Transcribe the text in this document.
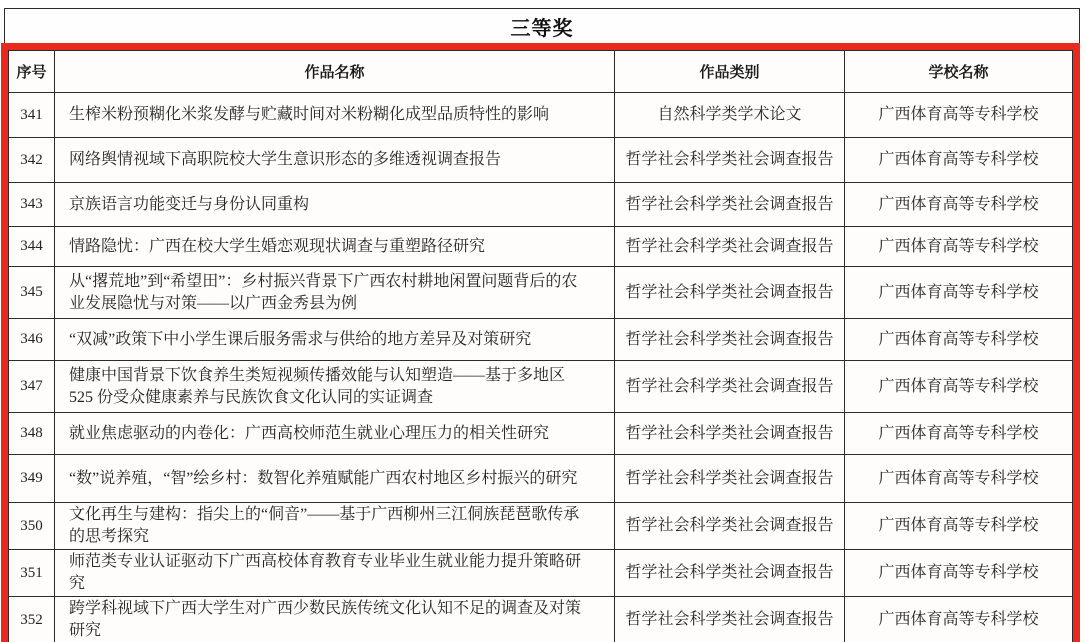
三等奖
序号	作品名称	作品类别	学校名称
341	生榨米粉预糊化米浆发酵与贮藏时间对米粉糊化成型品质特性的影响	自然科学类学术论文	广西体育高等专科学校
342	网络舆情视域下高职院校大学生意识形态的多维透视调查报告	哲学社会科学类社会调查报告	广西体育高等专科学校
343	京族语言功能变迁与身份认同重构	哲学社会科学类社会调查报告	广西体育高等专科学校
344	情路隐忧：广西在校大学生婚恋观现状调查与重塑路径研究	哲学社会科学类社会调查报告	广西体育高等专科学校
345	从“撂荒地”到“希望田”：乡村振兴背景下广西农村耕地闲置问题背后的农业发展隐忧与对策——以广西金秀县为例	哲学社会科学类社会调查报告	广西体育高等专科学校
346	“双减”政策下中小学生课后服务需求与供给的地方差异及对策研究	哲学社会科学类社会调查报告	广西体育高等专科学校
347	健康中国背景下饮食养生类短视频传播效能与认知塑造——基于多地区 525 份受众健康素养与民族饮食文化认同的实证调查	哲学社会科学类社会调查报告	广西体育高等专科学校
348	就业焦虑驱动的内卷化：广西高校师范生就业心理压力的相关性研究	哲学社会科学类社会调查报告	广西体育高等专科学校
349	“数”说养殖，“智”绘乡村：数智化养殖赋能广西农村地区乡村振兴的研究	哲学社会科学类社会调查报告	广西体育高等专科学校
350	文化再生与建构：指尖上的“侗音”——基于广西柳州三江侗族琵琶歌传承的思考探究	哲学社会科学类社会调查报告	广西体育高等专科学校
351	师范类专业认证驱动下广西高校体育教育专业毕业生就业能力提升策略研究	哲学社会科学类社会调查报告	广西体育高等专科学校
352	跨学科视域下广西大学生对广西少数民族传统文化认知不足的调查及对策研究	哲学社会科学类社会调查报告	广西体育高等专科学校
